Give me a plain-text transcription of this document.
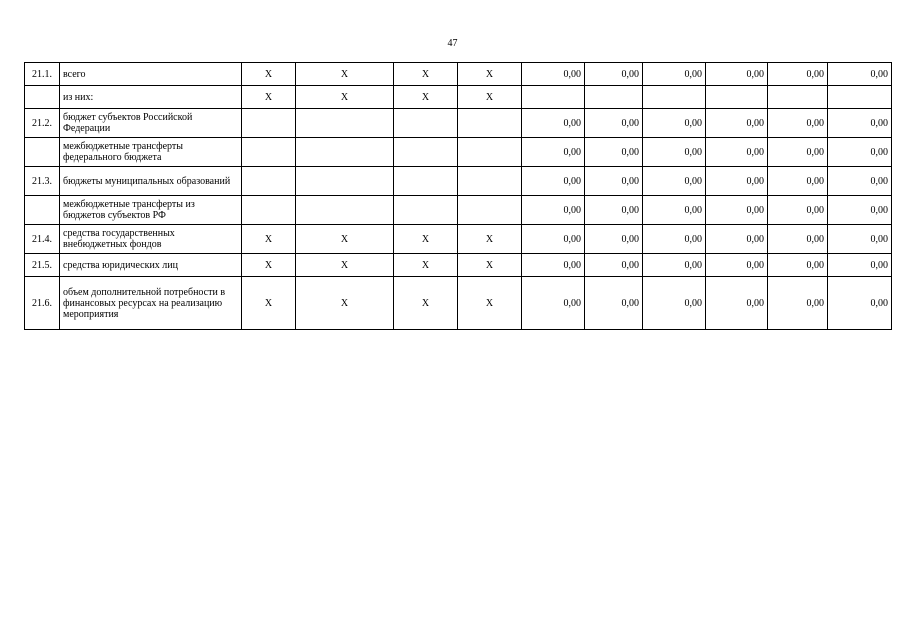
47
21.1.	всего	X	X	X	X	0,00	0,00	0,00	0,00	0,00	0,00
	из них:	X	X	X	X						
21.2.	бюджет субъектов Российской Федерации					0,00	0,00	0,00	0,00	0,00	0,00
	межбюджетные трансферты федерального бюджета					0,00	0,00	0,00	0,00	0,00	0,00
21.3.	бюджеты муниципальных образований					0,00	0,00	0,00	0,00	0,00	0,00
	межбюджетные трансферты из бюджетов субъектов РФ					0,00	0,00	0,00	0,00	0,00	0,00
21.4.	средства государственных внебюджетных фондов	X	X	X	X	0,00	0,00	0,00	0,00	0,00	0,00
21.5.	средства юридических лиц	X	X	X	X	0,00	0,00	0,00	0,00	0,00	0,00
21.6.	объем дополнительной потребности в финансовых ресурсах на реализацию мероприятия	X	X	X	X	0,00	0,00	0,00	0,00	0,00	0,00
